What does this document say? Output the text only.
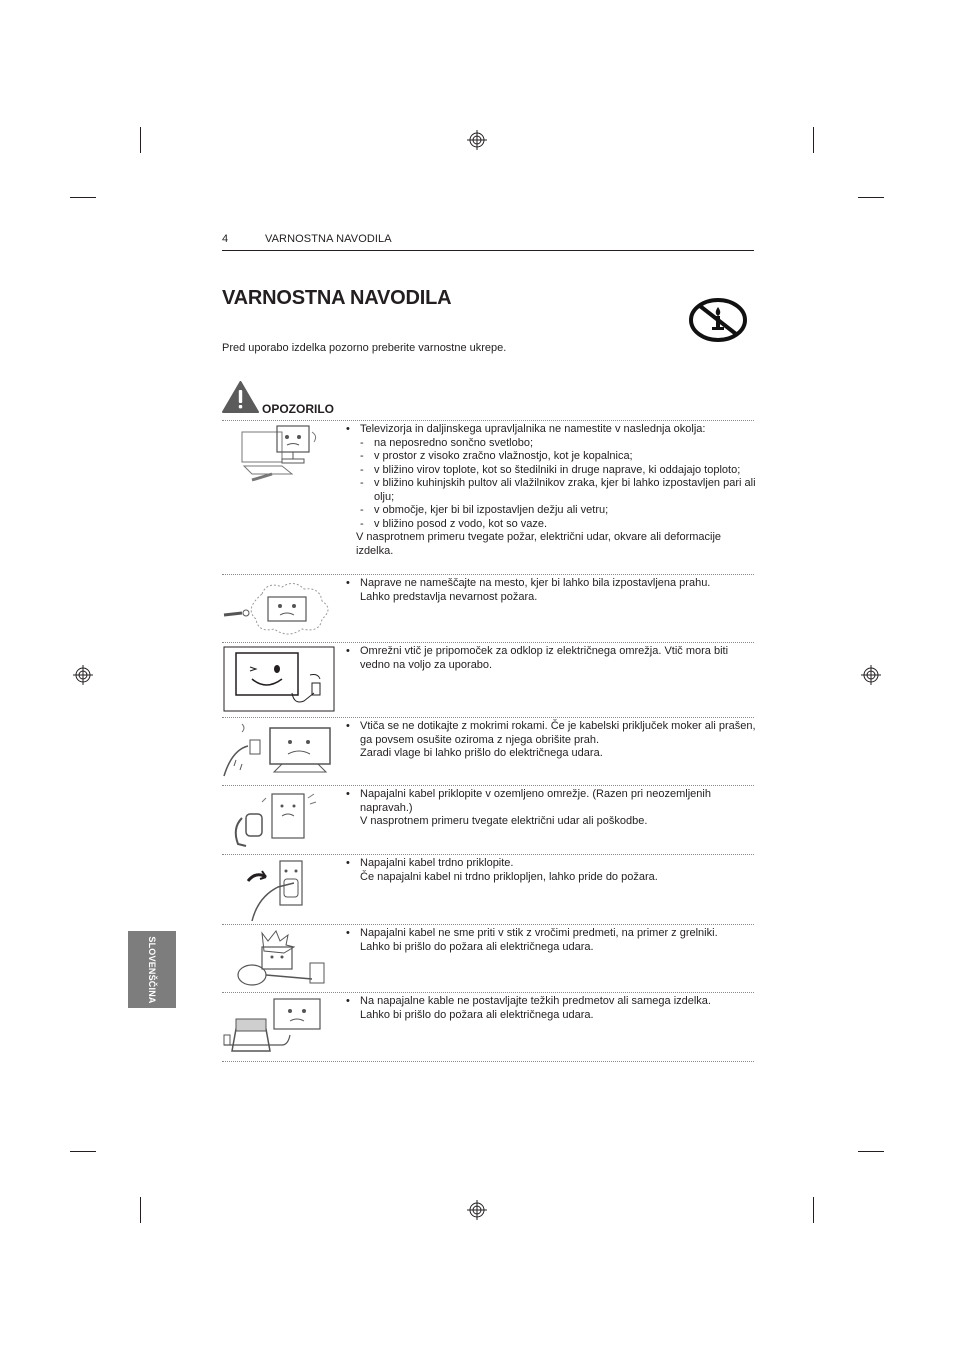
4	VARNOSTNA NAVODILA
VARNOSTNA NAVODILA
Pred uporabo izdelka pozorno preberite varnostne ukrepe.
OPOZORILO
• Televizorja in daljinskega upravljalnika ne namestite v naslednja okolja:
- na neposredno sončno svetlobo;
- v prostor z visoko zračno vlažnostjo, kot je kopalnica;
- v bližino virov toplote, kot so štedilniki in druge naprave, ki oddajajo toploto;
- v bližino kuhinjskih pultov ali vlažilnikov zraka, kjer bi lahko izpostavljen pari ali olju;
- v območje, kjer bi bil izpostavljen dežju ali vetru;
- v bližino posod z vodo, kot so vaze.
V nasprotnem primeru tvegate požar, električni udar, okvare ali deformacije izdelka.
• Naprave ne nameščajte na mesto, kjer bi lahko bila izpostavljena prahu.
Lahko predstavlja nevarnost požara.
• Omrežni vtič je pripomoček za odklop iz električnega omrežja. Vtič mora biti vedno na voljo za uporabo.
• Vtiča se ne dotikajte z mokrimi rokami. Če je kabelski priključek moker ali prašen, ga povsem osušite oziroma z njega obrišite prah.
Zaradi vlage bi lahko prišlo do električnega udara.
• Napajalni kabel priklopite v ozemljeno omrežje. (Razen pri neozemljenih napravah.)
V nasprotnem primeru tvegate električni udar ali poškodbe.
• Napajalni kabel trdno priklopite.
Če napajalni kabel ni trdno priklopljen, lahko pride do požara.
• Napajalni kabel ne sme priti v stik z vročimi predmeti, na primer z grelniki.
Lahko bi prišlo do požara ali električnega udara.
• Na napajalne kable ne postavljajte težkih predmetov ali samega izdelka.
Lahko bi prišlo do požara ali električnega udara.
SLOVENŠČINA
